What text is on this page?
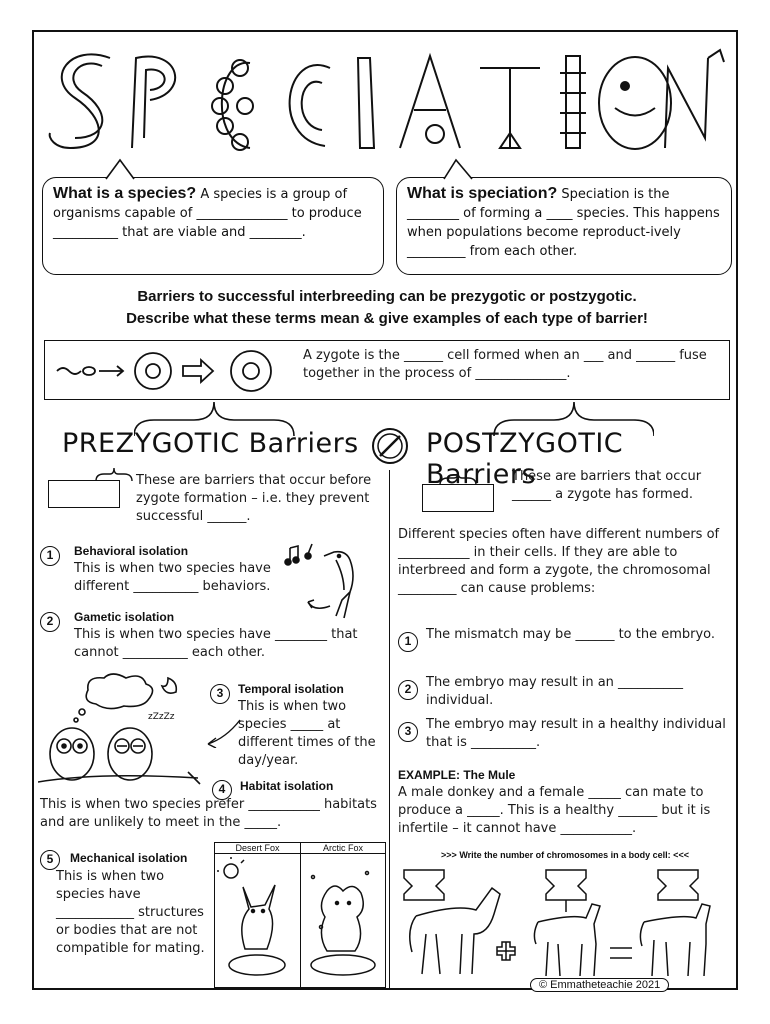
What is a species? A species is a group of organisms capable of ______________ to produce __________ that are viable and ________.
What is speciation? Speciation is the ________ of forming a ____ species. This happens when populations become reproduct-ively _________ from each other.
Barriers to successful interbreeding can be prezygotic or postzygotic.
Describe what these terms mean & give examples of each type of barrier!
A zygote is the ______ cell formed when an ___ and ______ fuse together in the process of ______________.
PREZYGOTIC Barriers POSTZYGOTIC Barriers
These are barriers that occur before zygote formation – i.e. they prevent successful ______.
1	Behavioral isolation
This is when two species have different __________ behaviors.
2	Gametic isolation
This is when two species have ________ that cannot __________ each other.
zZzZz
3	Temporal isolation
This is when two species _____ at different times of the day/year.
4	Habitat isolation
This is when two species prefer ___________ habitats and are unlikely to meet in the _____.
5	Mechanical isolation
This is when two species have ____________ structures or bodies that are not compatible for mating.
Desert Fox	Arctic Fox
These are barriers that occur ______ a zygote has formed.
Different species often have different numbers of ___________ in their cells. If they are able to interbreed and form a zygote, the chromosomal _________ can cause problems:
1	The mismatch may be ______ to the embryo.
2	The embryo may result in an __________ individual.
3	The embryo may result in a healthy individual that is __________.
EXAMPLE: The Mule
A male donkey and a female _____ can mate to produce a _____. This is a healthy ______ but it is infertile – it cannot have ___________.
>>> Write the number of chromosomes in a body cell: <<<
© Emmatheteachie 2021
